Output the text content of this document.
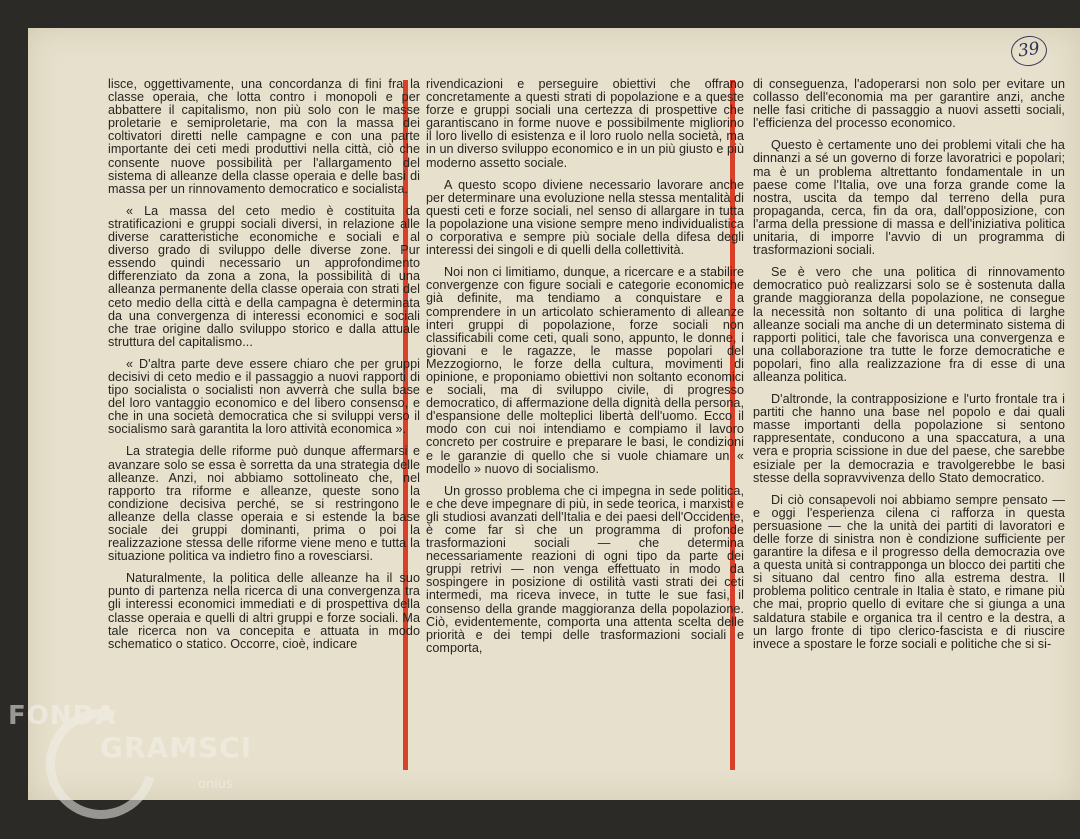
39

lisce, oggettivamente, una concordanza di fini fra la classe operaia, che lotta contro i monopoli e per abbattere il capitalismo, non più solo con le masse proletarie e semiproletarie, ma con la massa dei coltivatori diretti nelle campagne e con una parte importante dei ceti medi produttivi nella città, ciò che consente nuove possibilità per l'allargamento del sistema di alleanze della classe operaia e delle basi di massa per un rinnovamento democratico e socialista.

« La massa del ceto medio è costituita da stratificazioni e gruppi sociali diversi, in relazione alle diverse caratteristiche economiche e sociali e al diverso grado di sviluppo delle diverse zone. Pur essendo quindi necessario un approfondimento differenziato da zona a zona, la possibilità di una alleanza permanente della classe operaia con strati del ceto medio della città e della campagna è determinata da una convergenza di interessi economici e sociali che trae origine dallo sviluppo storico e dalla attuale struttura del capitalismo...

« D'altra parte deve essere chiaro che per gruppi decisivi di ceto medio e il passaggio a nuovi rapporti di tipo socialista o socialisti non avverrà che sulla base del loro vantaggio economico e del libero consenso, e che in una società democratica che si sviluppi verso il socialismo sarà garantita la loro attività economica ».

La strategia delle riforme può dunque affermarsi e avanzare solo se essa è sorretta da una strategia delle alleanze. Anzi, noi abbiamo sottolineato che, nel rapporto tra riforme e alleanze, queste sono la condizione decisiva perché, se si restringono le alleanze della classe operaia e si estende la base sociale dei gruppi dominanti, prima o poi la realizzazione stessa delle riforme viene meno e tutta la situazione politica va indietro fino a rovesciarsi.

Naturalmente, la politica delle alleanze ha il suo punto di partenza nella ricerca di una convergenza tra gli interessi economici immediati e di prospettiva della classe operaia e quelli di altri gruppi e forze sociali. Ma tale ricerca non va concepita e attuata in modo schematico o statico. Occorre, cioè, indicare

rivendicazioni e perseguire obiettivi che offrano concretamente a questi strati di popolazione e a queste forze e gruppi sociali una certezza di prospettive che garantiscano in forme nuove e possibilmente migliorino il loro livello di esistenza e il loro ruolo nella società, ma in un diverso sviluppo economico e in un più giusto e più moderno assetto sociale.

A questo scopo diviene necessario lavorare anche per determinare una evoluzione nella stessa mentalità di questi ceti e forze sociali, nel senso di allargare in tutta la popolazione una visione sempre meno individualistica o corporativa e sempre più sociale della difesa degli interessi dei singoli e di quelli della collettività.

Noi non ci limitiamo, dunque, a ricercare e a stabilire convergenze con figure sociali e categorie economiche già definite, ma tendiamo a conquistare e a comprendere in un articolato schieramento di alleanze interi gruppi di popolazione, forze sociali non classificabili come ceti, quali sono, appunto, le donne, i giovani e le ragazze, le masse popolari del Mezzogiorno, le forze della cultura, movimenti di opinione, e proponiamo obiettivi non soltanto economici e sociali, ma di sviluppo civile, di progresso democratico, di affermazione della dignità della persona, d'espansione delle molteplici libertà dell'uomo. Ecco il modo con cui noi intendiamo e compiamo il lavoro concreto per costruire e preparare le basi, le condizioni e le garanzie di quello che si vuole chiamare un « modello » nuovo di socialismo.

Un grosso problema che ci impegna in sede politica, e che deve impegnare di più, in sede teorica, i marxisti e gli studiosi avanzati dell'Italia e dei paesi dell'Occidente, è come far sì che un programma di profonde trasformazioni sociali — che determina necessariamente reazioni di ogni tipo da parte dei gruppi retrivi — non venga effettuato in modo da sospingere in posizione di ostilità vasti strati dei ceti intermedi, ma riceva invece, in tutte le sue fasi, il consenso della grande maggioranza della popolazione. Ciò, evidentemente, comporta una attenta scelta delle priorità e dei tempi delle trasformazioni sociali e comporta,

di conseguenza, l'adoperarsi non solo per evitare un collasso dell'economia ma per garantire anzi, anche nelle fasi critiche di passaggio a nuovi assetti sociali, l'efficienza del processo economico.

Questo è certamente uno dei problemi vitali che ha dinnanzi a sé un governo di forze lavoratrici e popolari; ma è un problema altrettanto fondamentale in un paese come l'Italia, ove una forza grande come la nostra, uscita da tempo dal terreno della pura propaganda, cerca, fin da ora, dall'opposizione, con l'arma della pressione di massa e dell'iniziativa politica unitaria, di imporre l'avvio di un programma di trasformazioni sociali.

Se è vero che una politica di rinnovamento democratico può realizzarsi solo se è sostenuta dalla grande maggioranza della popolazione, ne consegue la necessità non soltanto di una politica di larghe alleanze sociali ma anche di un determinato sistema di rapporti politici, tale che favorisca una convergenza e una collaborazione tra tutte le forze democratiche e popolari, fino alla realizzazione fra di esse di una alleanza politica.

D'altronde, la contrapposizione e l'urto frontale tra i partiti che hanno una base nel popolo e dai quali masse importanti della popolazione si sentono rappresentate, conducono a una spaccatura, a una vera e propria scissione in due del paese, che sarebbe esiziale per la democrazia e travolgerebbe le basi stesse della sopravvivenza dello Stato democratico.

Di ciò consapevoli noi abbiamo sempre pensato — e oggi l'esperienza cilena ci rafforza in questa persuasione — che la unità dei partiti di lavoratori e delle forze di sinistra non è condizione sufficiente per garantire la difesa e il progresso della democrazia ove a questa unità si contrapponga un blocco dei partiti che si situano dal centro fino alla estrema destra. Il problema politico centrale in Italia è stato, e rimane più che mai, proprio quello di evitare che si giunga a una saldatura stabile e organica tra il centro e la destra, a un largo fronte di tipo clerico-fascista e di riuscire invece a spostare le forze sociali e politiche che si si-

FONDA
GRAMSCI
onlus
